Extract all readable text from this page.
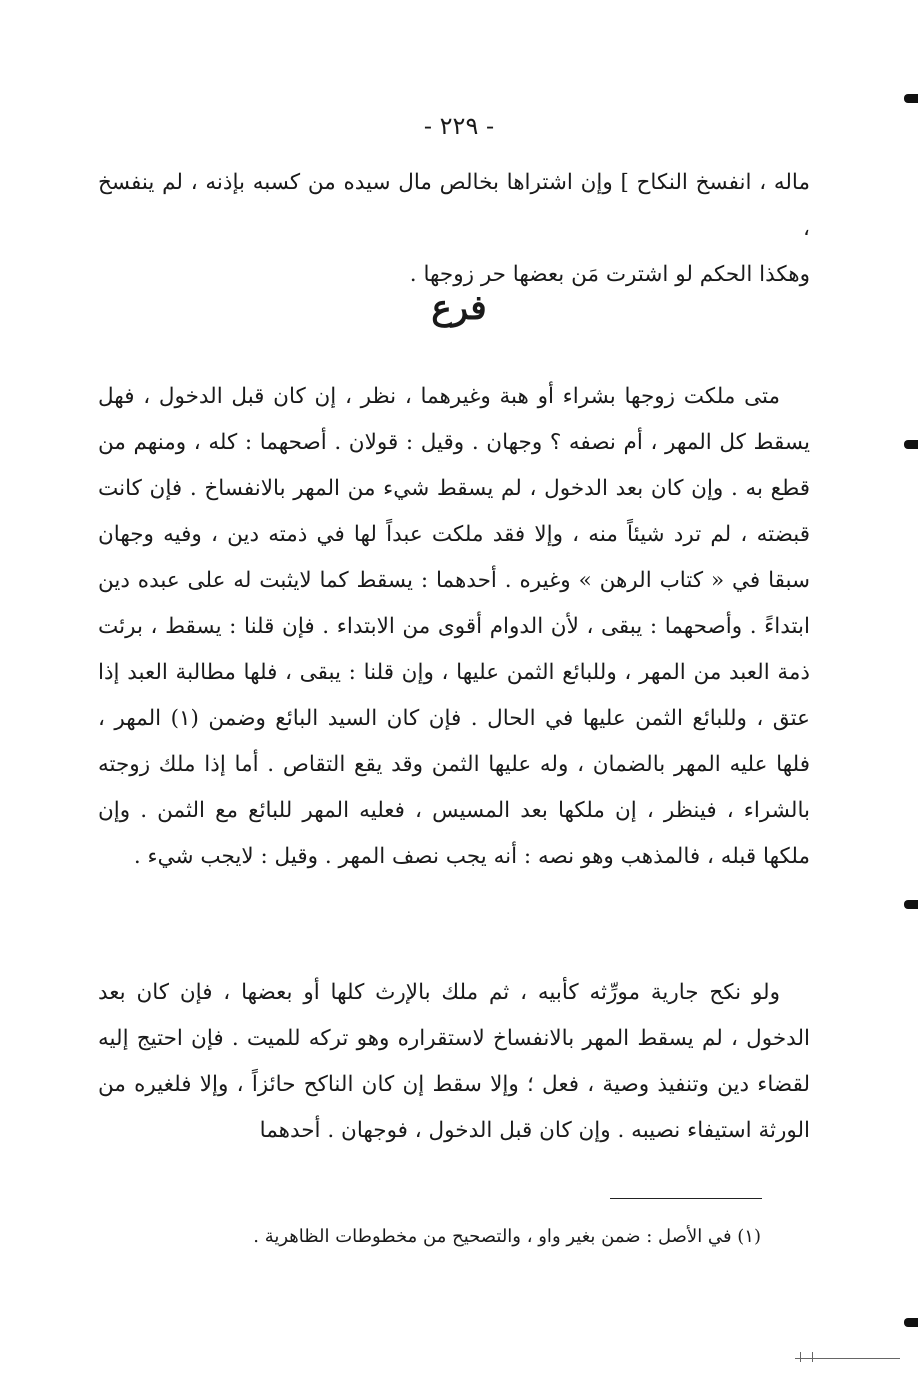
- ٢٢٩ -

ماله ، انفسخ النكاح ] وإن اشتراها بخالص مال سيده من كسبه بإذنه ، لم ينفسخ ،

وهكذا الحكم لو اشترت مَن بعضها حر زوجها .

فرع
متى ملكت زوجها بشراء أو هبة وغيرهما ، نظر ، إن كان قبل الدخول ، فهل يسقط كل المهر ، أم نصفه ؟ وجهان . وقيل : قولان . أصحهما : كله ، ومنهم من قطع به . وإن كان بعد الدخول ، لم يسقط شيء من المهر بالانفساخ . فإن كانت قبضته ، لم ترد شيئاً منه ، وإلا فقد ملكت عبداً لها في ذمته دين ، وفيه وجهان سبقا في « كتاب الرهن » وغيره . أحدهما : يسقط كما لايثبت له على عبده دين ابتداءً . وأصحهما : يبقى ، لأن الدوام أقوى من الابتداء . فإن قلنا : يسقط ، برئت ذمة العبد من المهر ، وللبائع الثمن عليها ، وإن قلنا : يبقى ، فلها مطالبة العبد إذا عتق ، وللبائع الثمن عليها في الحال . فإن كان السيد البائع وضمن (١) المهر ، فلها عليه المهر بالضمان ، وله عليها الثمن وقد يقع التقاص . أما إذا ملك زوجته بالشراء ، فينظر ، إن ملكها بعد المسيس ، فعليه المهر للبائع مع الثمن . وإن ملكها قبله ، فالمذهب وهو نصه : أنه يجب نصف المهر . وقيل : لايجب شيء .
ولو نكح جارية مورِّثه كأبيه ، ثم ملك بالإرث كلها أو بعضها ، فإن كان بعد الدخول ، لم يسقط المهر بالانفساخ لاستقراره وهو تركه للميت . فإن احتيج إليه لقضاء دين وتنفيذ وصية ، فعل ؛ وإلا سقط إن كان الناكح حائزاً ، وإلا فلغيره من الورثة استيفاء نصيبه . وإن كان قبل الدخول ، فوجهان . أحدهما
(١) في الأصل : ضمن بغير واو ، والتصحيح من مخطوطات الظاهرية .
